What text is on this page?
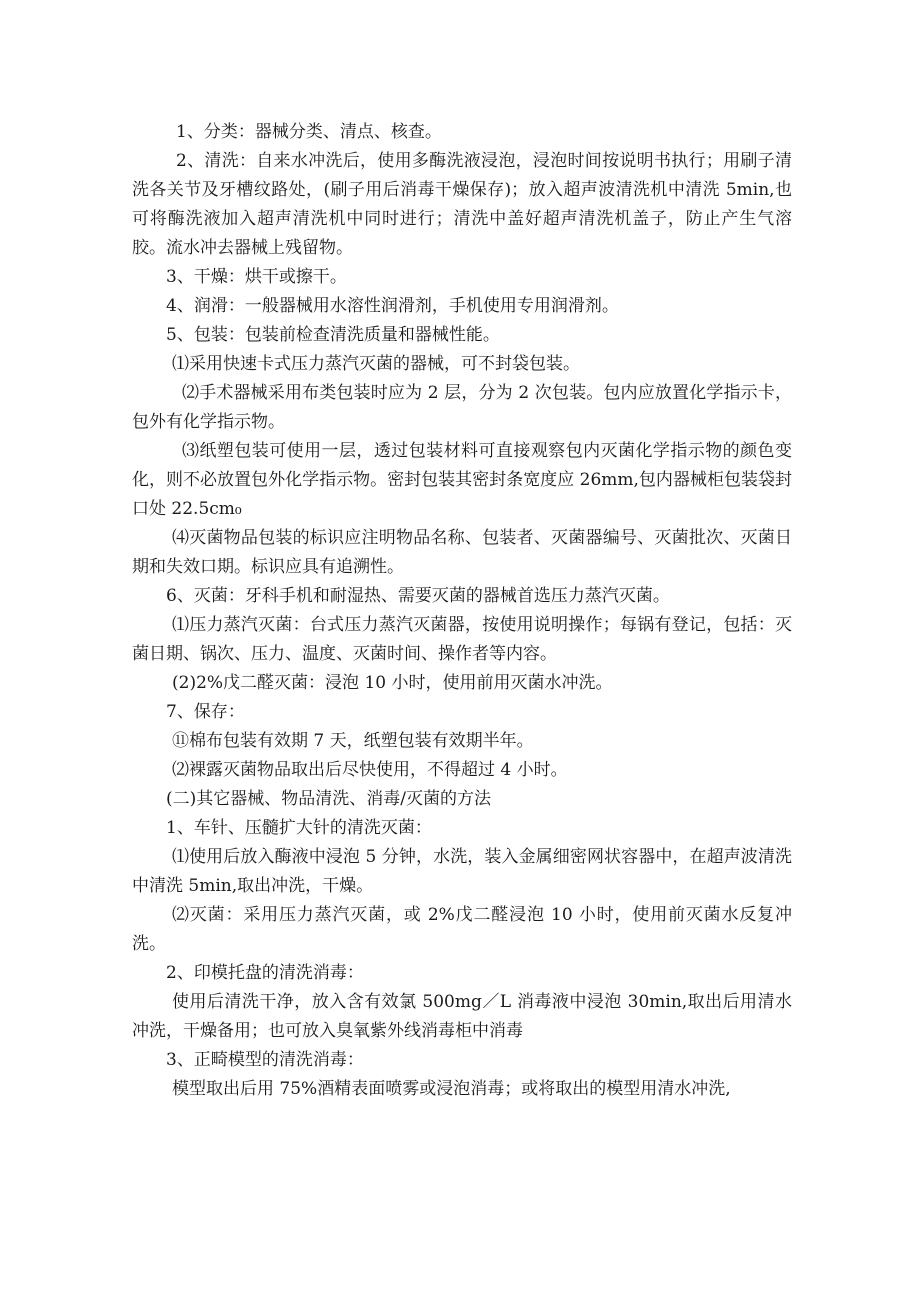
1、分类：器械分类、清点、核查。

2、清洗：自来水冲洗后，使用多酶洗液浸泡，浸泡时间按说明书执行；用刷子清洗各关节及牙槽纹路处，(刷子用后消毒干燥保存)；放入超声波清洗机中清洗 5min,也可将酶洗液加入超声清洗机中同时进行；清洗中盖好超声清洗机盖子，防止产生气溶胶。流水冲去器械上残留物。

3、干燥：烘干或擦干。

4、润滑：一般器械用水溶性润滑剂，手机使用专用润滑剂。

5、包装：包装前检查清洗质量和器械性能。

⑴采用快速卡式压力蒸汽灭菌的器械，可不封袋包装。

⑵手术器械采用布类包装时应为 2 层，分为 2 次包装。包内应放置化学指示卡，包外有化学指示物。

⑶纸塑包装可使用一层，透过包装材料可直接观察包内灭菌化学指示物的颜色变化，则不必放置包外化学指示物。密封包装其密封条宽度应 26mm,包内器械柜包装袋封口处 22.5cm₀

⑷灭菌物品包装的标识应注明物品名称、包装者、灭菌器编号、灭菌批次、灭菌日期和失效口期。标识应具有追溯性。

6、灭菌：牙科手机和耐湿热、需要灭菌的器械首选压力蒸汽灭菌。

⑴压力蒸汽灭菌：台式压力蒸汽灭菌器，按使用说明操作；每锅有登记，包括：灭菌日期、锅次、压力、温度、灭菌时间、操作者等内容。

(2)2%戊二醛灭菌：浸泡 10 小时，使用前用灭菌水冲洗。

7、保存：

⑪棉布包装有效期 7 天，纸塑包装有效期半年。

⑵裸露灭菌物品取出后尽快使用，不得超过 4 小时。

(二)其它器械、物品清洗、消毒/灭菌的方法

1、车针、压髓扩大针的清洗灭菌：

⑴使用后放入酶液中浸泡 5 分钟，水洗，装入金属细密网状容器中，在超声波清洗中清洗 5min,取出冲洗，干燥。

⑵灭菌：采用压力蒸汽灭菌，或 2%戊二醛浸泡 10 小时，使用前灭菌水反复冲洗。

2、印模托盘的清洗消毒：

使用后清洗干净，放入含有效氯 500mg／L 消毒液中浸泡 30min,取出后用清水冲洗，干燥备用；也可放入臭氧紫外线消毒柜中消毒

3、正畸模型的清洗消毒：

模型取出后用 75%酒精表面喷雾或浸泡消毒；或将取出的模型用清水冲洗,
